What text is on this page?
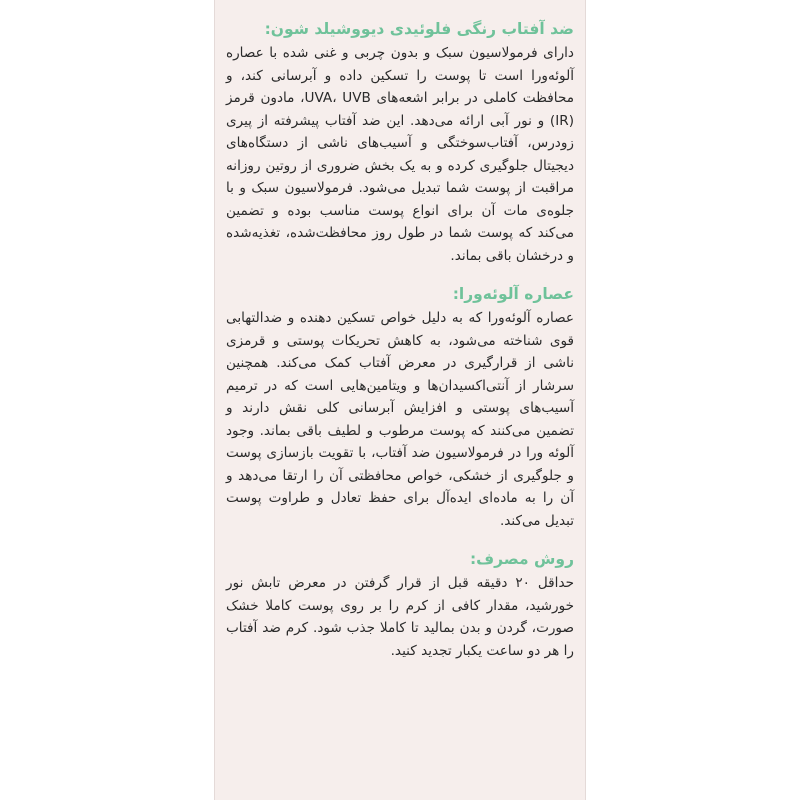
ضد آفتاب رنگی فلوئیدی دیووشیلد شون:

دارای فرمولاسیون سبک و بدون چربی و غنی شده با عصاره آلوئه‌ورا است تا پوست را تسکین داده و آبرسانی کند، و محافظت کاملی در برابر اشعه‌های UVA، UVB، مادون قرمز (IR) و نور آبی ارائه می‌دهد. این ضد آفتاب پیشرفته از پیری زودرس، آفتاب‌سوختگی و آسیب‌های ناشی از دستگاه‌های دیجیتال جلوگیری کرده و به یک بخش ضروری از روتین روزانه مراقبت از پوست شما تبدیل می‌شود. فرمولاسیون سبک و با جلوه‌ی مات آن برای انواع پوست مناسب بوده و تضمین می‌کند که پوست شما در طول روز محافظت‌شده، تغذیه‌شده و درخشان باقی بماند.

عصاره آلوئه‌ورا:

عصاره آلوئه‌ورا که به دلیل خواص تسکین دهنده و ضدالتهابی قوی شناخته می‌شود، به کاهش تحریکات پوستی و قرمزی ناشی از قرارگیری در معرض آفتاب کمک می‌کند. همچنین سرشار از آنتی‌اکسیدان‌ها و ویتامین‌هایی است که در ترمیم آسیب‌های پوستی و افزایش آبرسانی کلی نقش دارند و تضمین می‌کنند که پوست مرطوب و لطیف باقی بماند. وجود آلوئه ورا در فرمولاسیون ضد آفتاب، با تقویت بازسازی پوست و جلوگیری از خشکی، خواص محافظتی آن را ارتقا می‌دهد و آن را به ماده‌ای ایده‌آل برای حفظ تعادل و طراوت پوست تبدیل می‌کند.

روش مصرف:

حداقل ۲۰ دقیقه قبل از قرار گرفتن در معرض تابش نور خورشید، مقدار کافی از کرم را بر روی پوست کاملا خشک صورت، گردن و بدن بمالید تا کاملا جذب شود. کرم ضد آفتاب را هر دو ساعت یکبار تجدید کنید.
